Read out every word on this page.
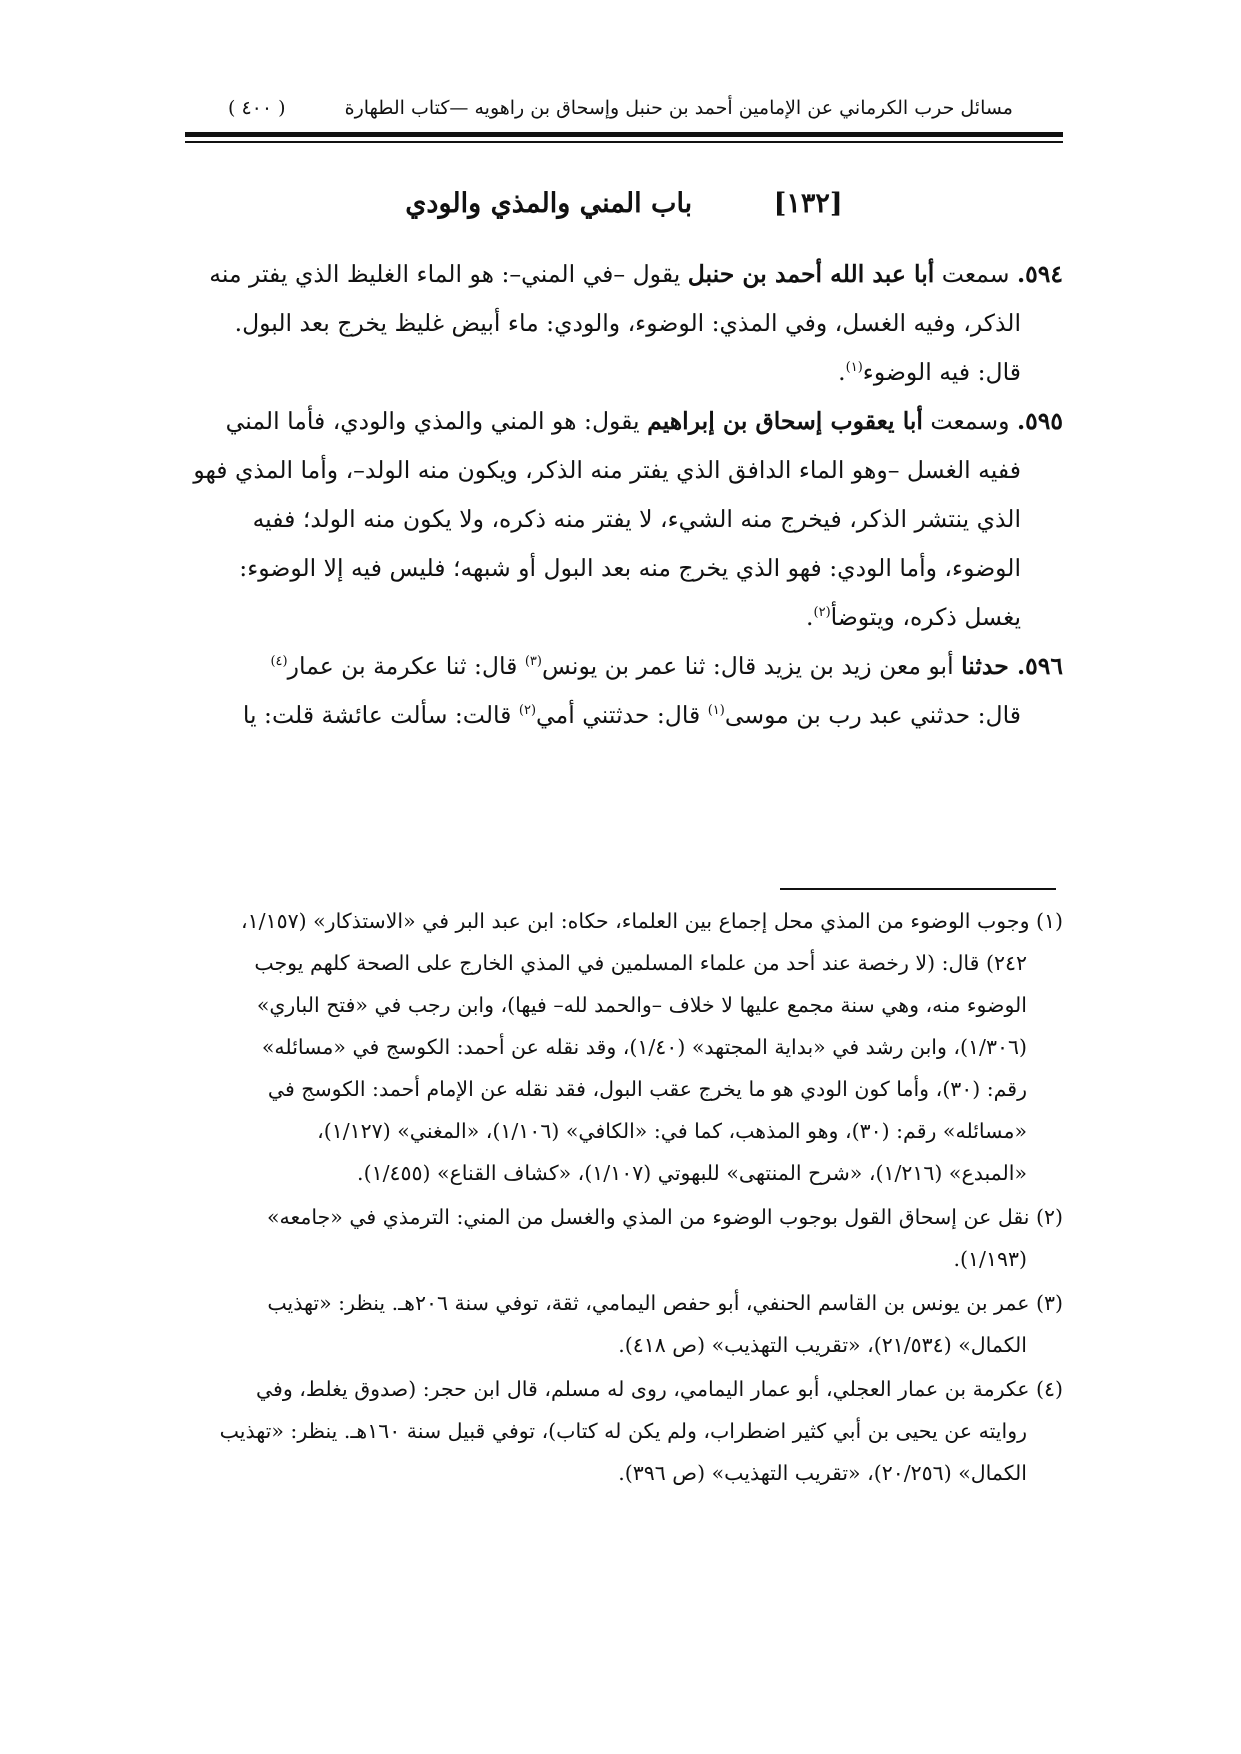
مسائل حرب الكرماني عن الإمامين أحمد بن حنبل وإسحاق بن راهويه —كتاب الطهارة
( ٤٠٠ )
[١٣٢] باب المني والمذي والودي

٥٩٤. سمعت أبا عبد الله أحمد بن حنبل يقول –في المني–: هو الماء الغليظ الذي يفتر منه
الذكر، وفيه الغسل، وفي المذي: الوضوء، والودي: ماء أبيض غليظ يخرج بعد البول.
قال: فيه الوضوء$^{(١)}$.

٥٩٥. وسمعت أبا يعقوب إسحاق بن إبراهيم يقول: هو المني والمذي والودي، فأما المني
ففيه الغسل –وهو الماء الدافق الذي يفتر منه الذكر، ويكون منه الولد–، وأما المذي فهو
الذي ينتشر الذكر، فيخرج منه الشيء، لا يفتر منه ذكره، ولا يكون منه الولد؛ ففيه
الوضوء، وأما الودي: فهو الذي يخرج منه بعد البول أو شبهه؛ فليس فيه إلا الوضوء:
يغسل ذكره، ويتوضأ$^{(٢)}$.

٥٩٦. حدثنا أبو معن زيد بن يزيد قال: ثنا عمر بن يونس$^{(٣)}$ قال: ثنا عكرمة بن عمار$^{(٤)}$
قال: حدثني عبد رب بن موسى$^{(١)}$ قال: حدثتني أمي$^{(٢)}$ قالت: سألت عائشة قلت: يا

(١) وجوب الوضوء من المذي محل إجماع بين العلماء، حكاه: ابن عبد البر في «الاستذكار» (١/١٥٧،
٢٤٢) قال: (لا رخصة عند أحد من علماء المسلمين في المذي الخارج على الصحة كلهم يوجب
الوضوء منه، وهي سنة مجمع عليها لا خلاف –والحمد لله– فيها)، وابن رجب في «فتح الباري»
(١/٣٠٦)، وابن رشد في «بداية المجتهد» (١/٤٠)، وقد نقله عن أحمد: الكوسج في «مسائله»
رقم: (٣٠)، وأما كون الودي هو ما يخرج عقب البول، فقد نقله عن الإمام أحمد: الكوسج في
«مسائله» رقم: (٣٠)، وهو المذهب، كما في: «الكافي» (١/١٠٦)، «المغني» (١/١٢٧)،
«المبدع» (١/٢١٦)، «شرح المنتهى» للبهوتي (١/١٠٧)، «كشاف القناع» (١/٤٥٥).

(٢) نقل عن إسحاق القول بوجوب الوضوء من المذي والغسل من المني: الترمذي في «جامعه»
(١/١٩٣).

(٣) عمر بن يونس بن القاسم الحنفي، أبو حفص اليمامي، ثقة، توفي سنة ٢٠٦هـ. ينظر: «تهذيب
الكمال» (٢١/٥٣٤)، «تقريب التهذيب» (ص ٤١٨).

(٤) عكرمة بن عمار العجلي، أبو عمار اليمامي، روى له مسلم، قال ابن حجر: (صدوق يغلط، وفي
روايته عن يحيى بن أبي كثير اضطراب، ولم يكن له كتاب)، توفي قبيل سنة ١٦٠هـ. ينظر: «تهذيب
الكمال» (٢٠/٢٥٦)، «تقريب التهذيب» (ص ٣٩٦).
